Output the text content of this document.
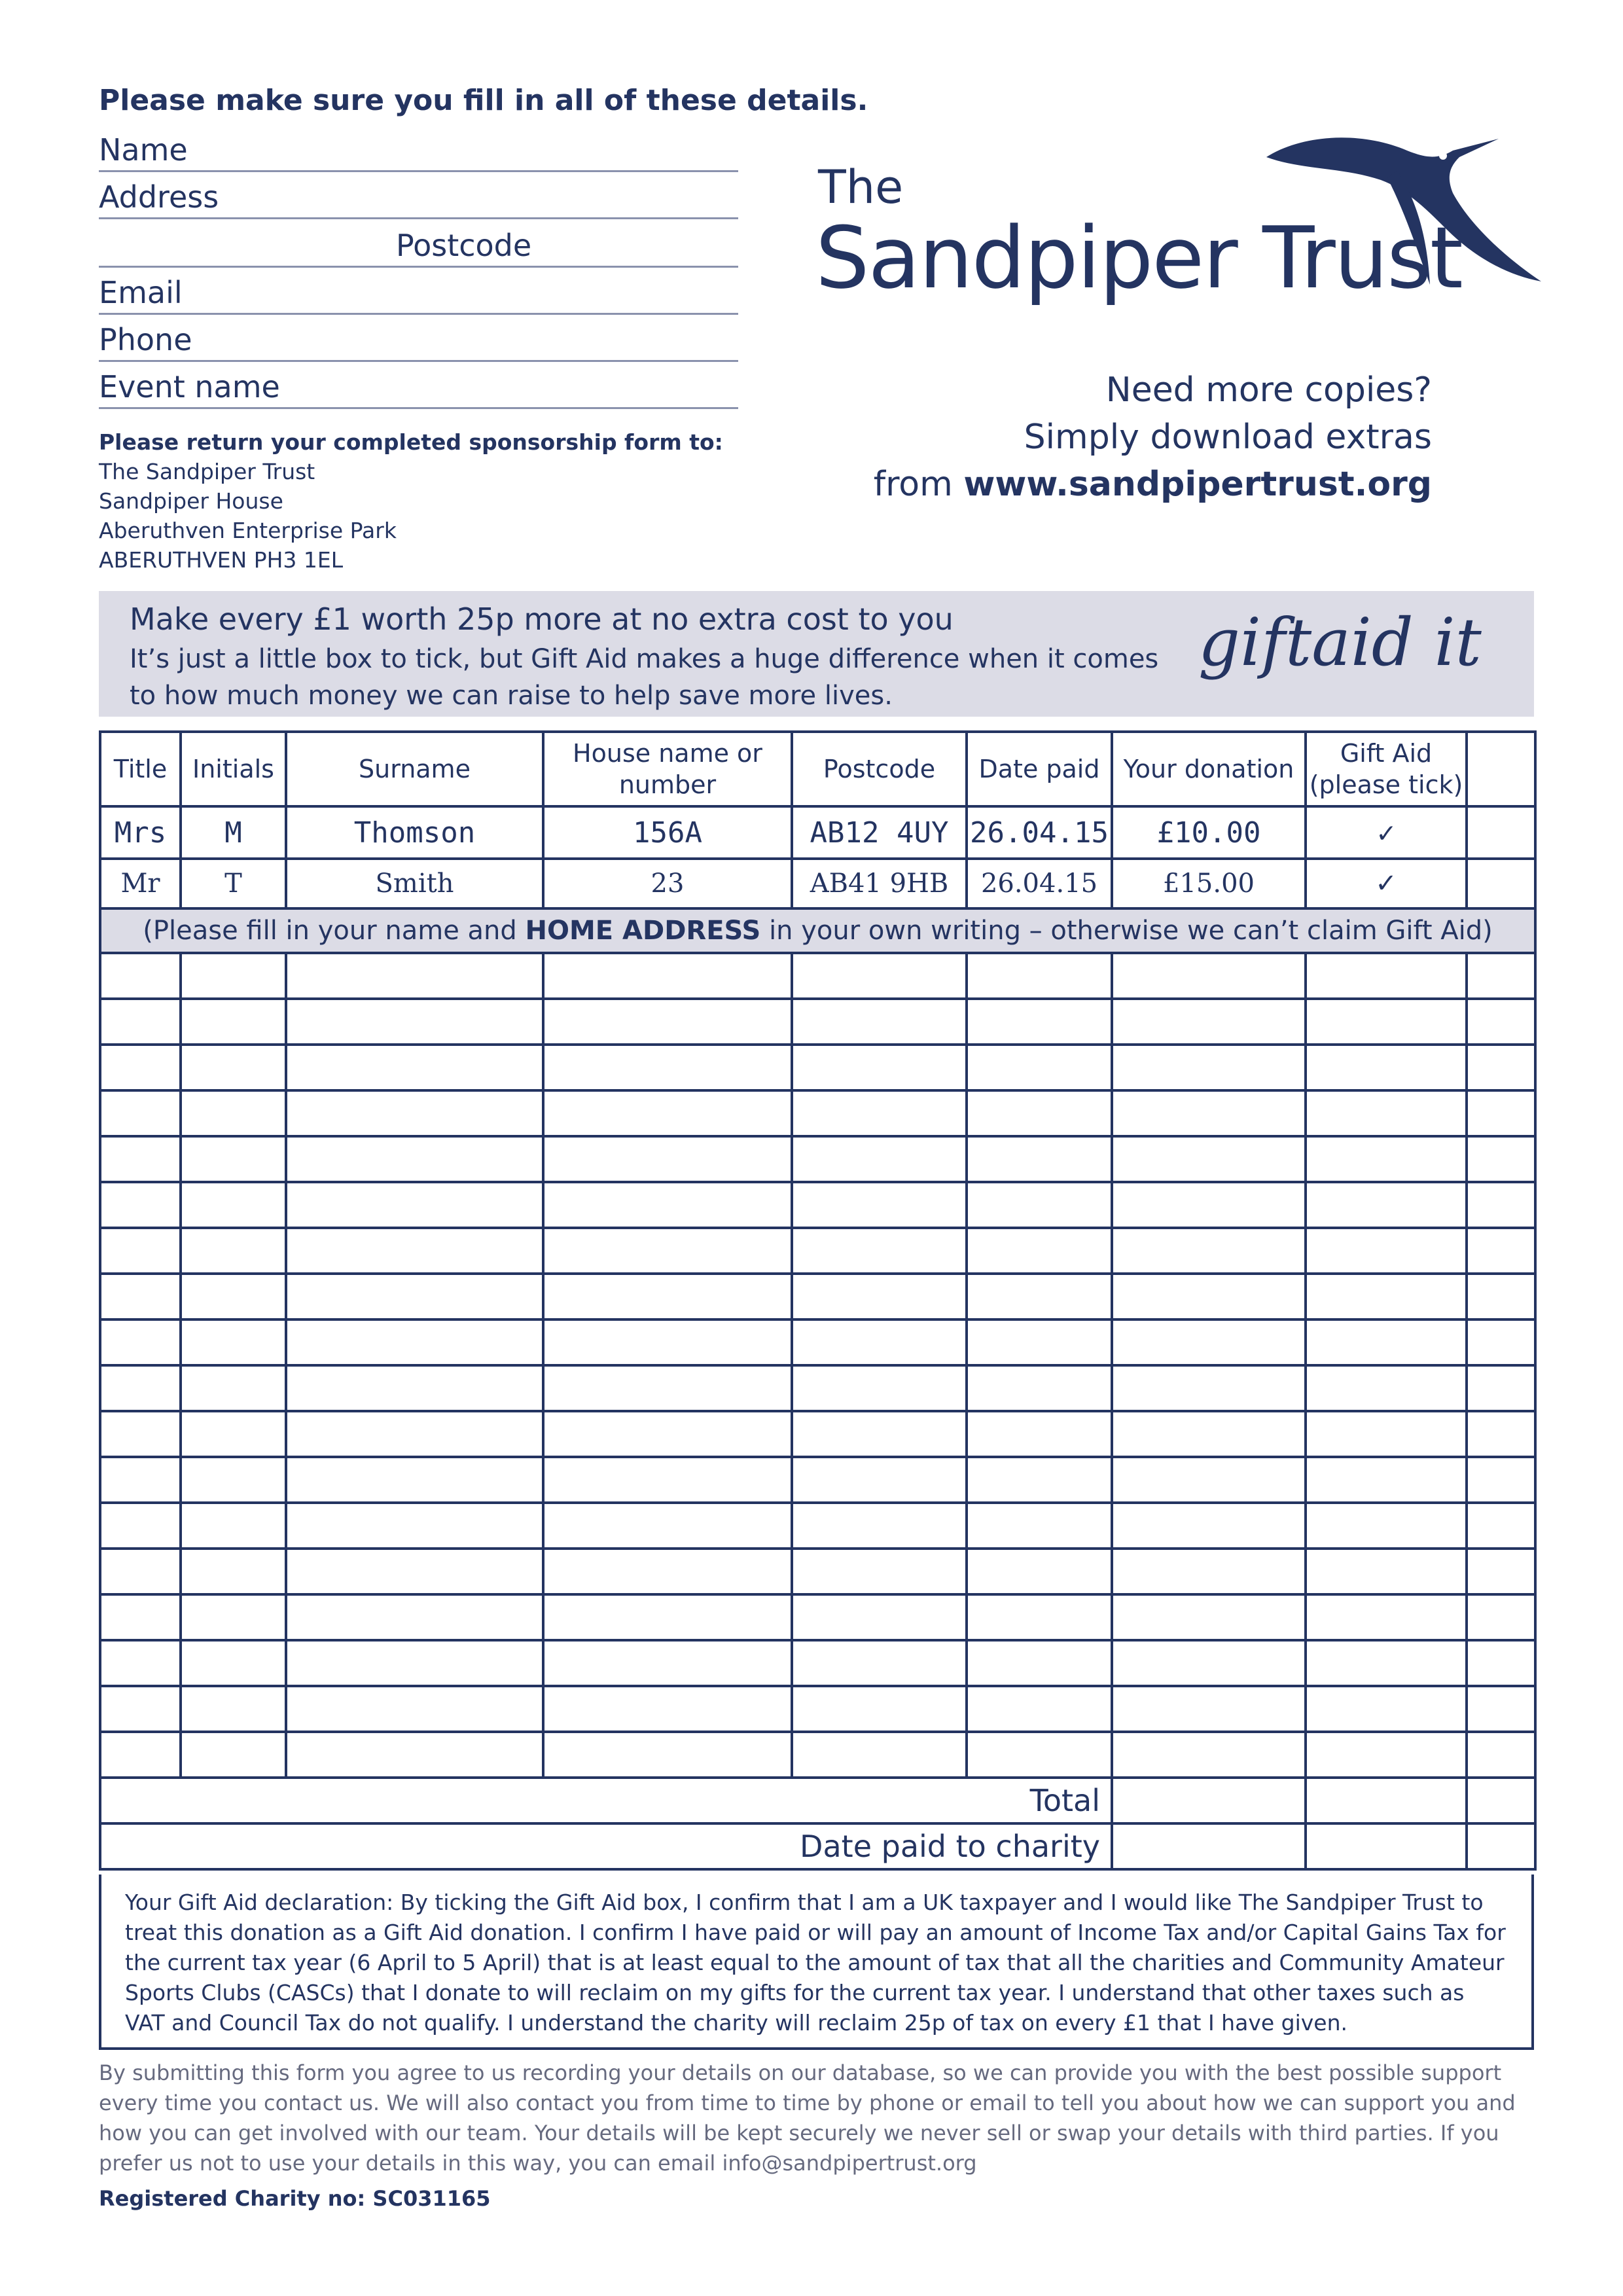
Please make sure you fill in all of these details.
Name
Address
Postcode
Email
Phone
Event name
Please return your completed sponsorship form to:
The Sandpiper Trust
Sandpiper House
Aberuthven Enterprise Park
ABERUTHVEN PH3 1EL
The
Sandpiper Trust
Need more copies?
Simply download extras
from www.sandpipertrust.org
Make every £1 worth 25p more at no extra cost to you
It’s just a little box to tick, but Gift Aid makes a huge difference when it comes to how much money we can raise to help save more lives.
giftaid it
Title	Initials	Surname	House name or number	Postcode	Date paid	Your donation	Gift Aid (please tick)	
Mrs	M	Thomson	156A	AB12 4UY	26.04.15	£10.00	✓	
Mr	T	Smith	23	AB41 9HB	26.04.15	£15.00	✓	
(Please fill in your name and HOME ADDRESS in your own writing – otherwise we can’t claim Gift Aid)								

Total								
Date paid to charity								
Your Gift Aid declaration: By ticking the Gift Aid box, I confirm that I am a UK taxpayer and I would like The Sandpiper Trust to treat this donation as a Gift Aid donation. I confirm I have paid or will pay an amount of Income Tax and/or Capital Gains Tax for the current tax year (6 April to 5 April) that is at least equal to the amount of tax that all the charities and Community Amateur Sports Clubs (CASCs) that I donate to will reclaim on my gifts for the current tax year. I understand that other taxes such as VAT and Council Tax do not qualify. I understand the charity will reclaim 25p of tax on every £1 that I have given.
By submitting this form you agree to us recording your details on our database, so we can provide you with the best possible support every time you contact us. We will also contact you from time to time by phone or email to tell you about how we can support you and how you can get involved with our team. Your details will be kept securely we never sell or swap your details with third parties. If you prefer us not to use your details in this way, you can email info@sandpipertrust.org
Registered Charity no: SC031165
